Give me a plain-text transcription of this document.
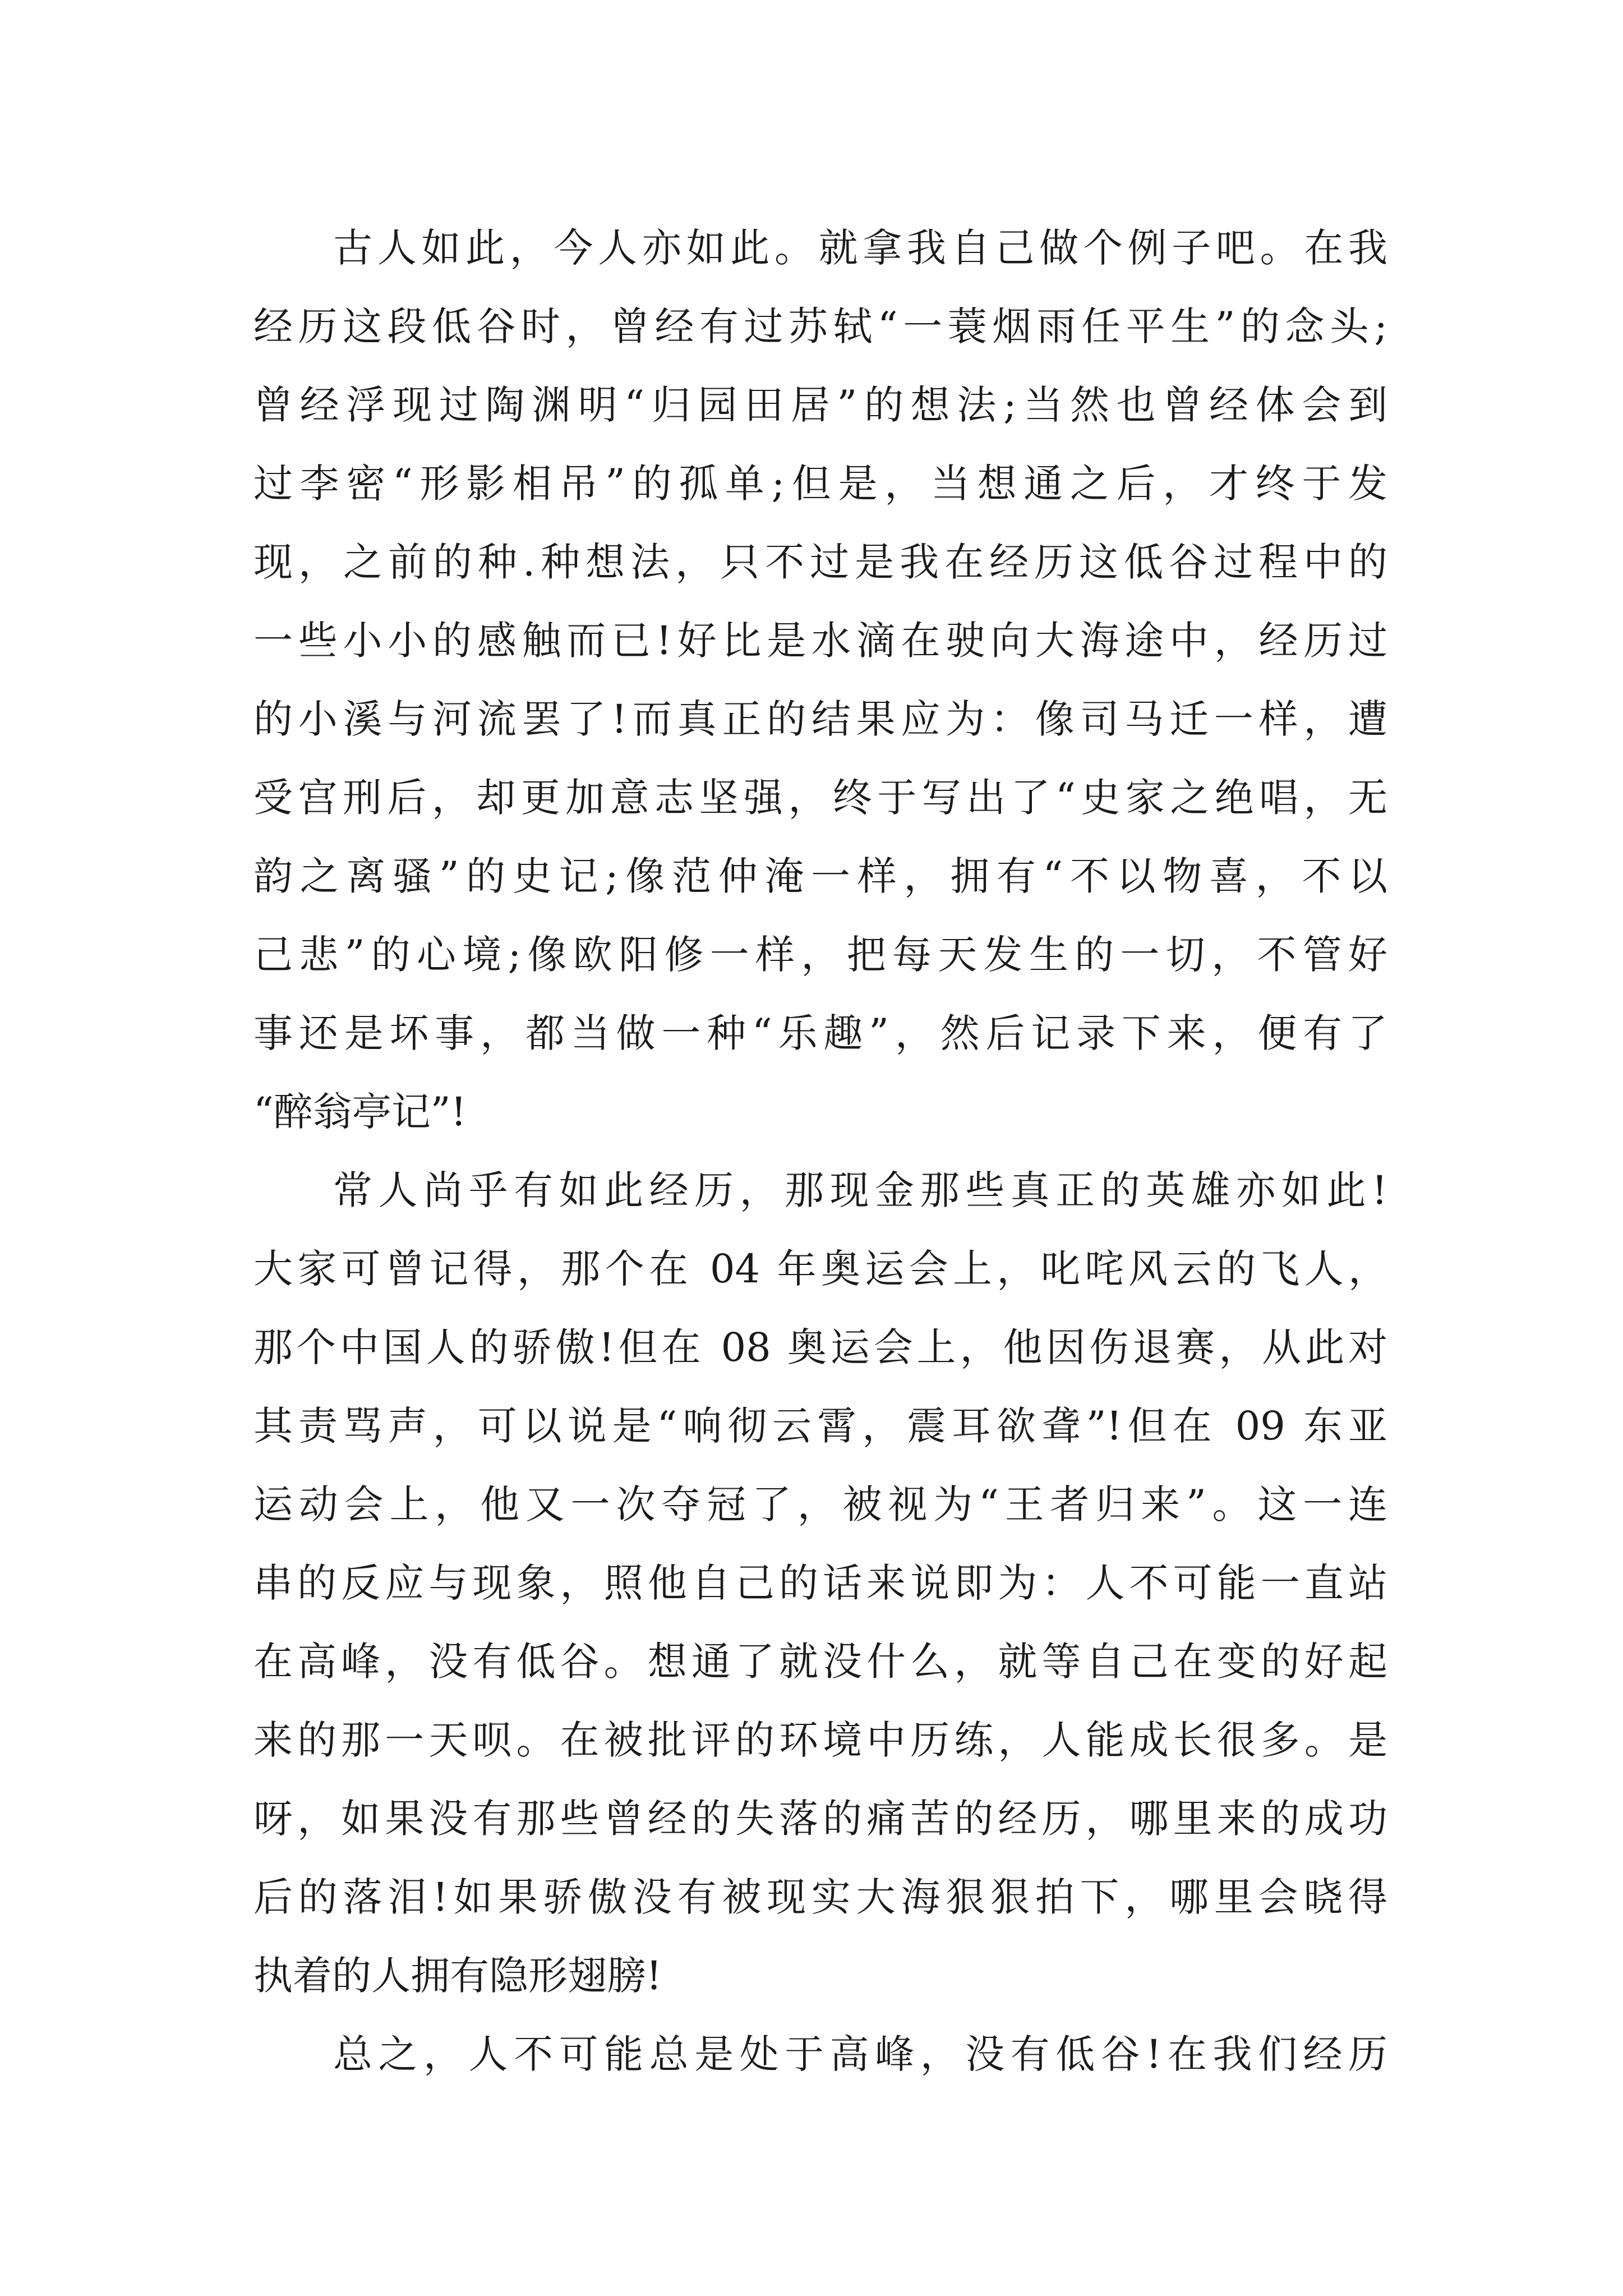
古人如此，今人亦如此。就拿我自己做个例子吧。在我
经历这段低谷时，曾经有过苏轼“一蓑烟雨任平生”的念头;
曾经浮现过陶渊明“归园田居”的想法;当然也曾经体会到
过李密“形影相吊”的孤单;但是，当想通之后，才终于发
现，之前的种.种想法，只不过是我在经历这低谷过程中的
一些小小的感触而已!好比是水滴在驶向大海途中，经历过
的小溪与河流罢了!而真正的结果应为：像司马迁一样，遭
受宫刑后，却更加意志坚强，终于写出了“史家之绝唱，无
韵之离骚”的史记;像范仲淹一样，拥有“不以物喜，不以
己悲”的心境;像欧阳修一样，把每天发生的一切，不管好
事还是坏事，都当做一种“乐趣”，然后记录下来，便有了
“醉翁亭记”!
常人尚乎有如此经历，那现金那些真正的英雄亦如此!
大家可曾记得，那个在 04 年奥运会上，叱咤风云的飞人，
那个中国人的骄傲!但在 08 奥运会上，他因伤退赛，从此对
其责骂声，可以说是“响彻云霄，震耳欲聋”!但在 09 东亚
运动会上，他又一次夺冠了，被视为“王者归来”。这一连
串的反应与现象，照他自己的话来说即为：人不可能一直站
在高峰，没有低谷。想通了就没什么，就等自己在变的好起
来的那一天呗。在被批评的环境中历练，人能成长很多。是
呀，如果没有那些曾经的失落的痛苦的经历，哪里来的成功
后的落泪!如果骄傲没有被现实大海狠狠拍下，哪里会晓得
执着的人拥有隐形翅膀!
总之，人不可能总是处于高峰，没有低谷!在我们经历
